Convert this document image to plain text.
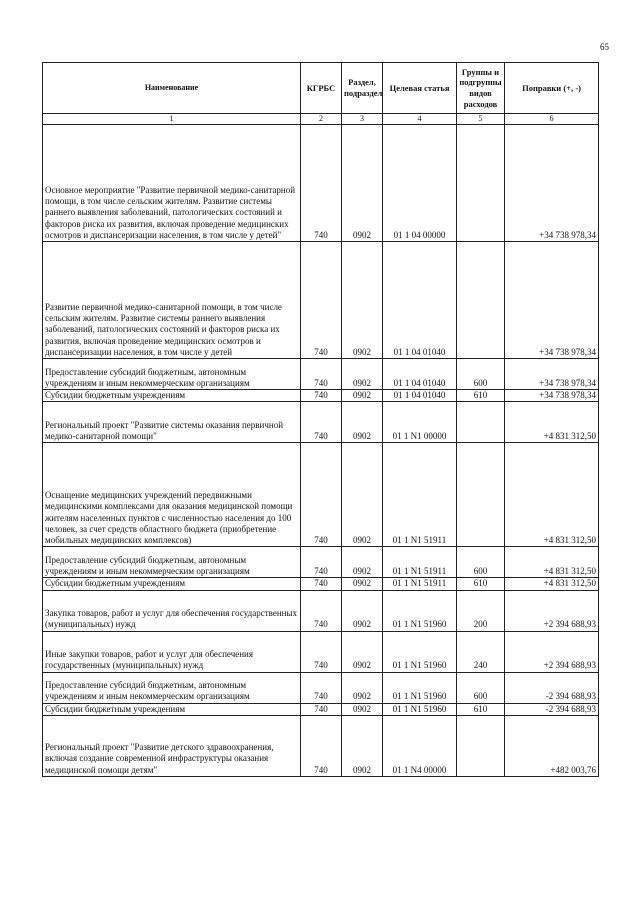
65
Наименование	КГРБС	Раздел, подраздел	Целевая статья	Группы и подгруппы видов расходов	Поправки (+, -)
1	2	3	4	5	6
Основное мероприятие "Развитие первичной медико-санитарной помощи, в том числе сельским жителям. Развитие системы раннего выявления заболеваний, патологических состояний и факторов риска их развития, включая проведение медицинских осмотров и диспансеризации населения, в том числе у детей"	740	0902	01 1 04 00000		+34 738 978,34
Развитие первичной медико-санитарной помощи, в том числе сельским жителям. Развитие системы раннего выявления заболеваний, патологических состояний и факторов риска их развития, включая проведение медицинских осмотров и диспансеризации населения, в том числе у детей	740	0902	01 1 04 01040		+34 738 978,34
Предоставление субсидий бюджетным, автономным учреждениям и иным некоммерческим организациям	740	0902	01 1 04 01040	600	+34 738 978,34
Субсидии бюджетным учреждениям	740	0902	01 1 04 01040	610	+34 738 978,34
Региональный проект "Развитие системы оказания первичной медико-санитарной помощи"	740	0902	01 1 N1 00000		+4 831 312,50
Оснащение медицинских учреждений передвижными медицинскими комплексами для оказания медицинской помощи жителям населенных пунктов с численностью населения до 100 человек, за счет средств областного бюджета (приобретение мобильных медицинских комплексов)	740	0902	01 1 N1 51911		+4 831 312,50
Предоставление субсидий бюджетным, автономным учреждениям и иным некоммерческим организациям	740	0902	01 1 N1 51911	600	+4 831 312,50
Субсидии бюджетным учреждениям	740	0902	01 1 N1 51911	610	+4 831 312,50
Закупка товаров, работ и услуг для обеспечения государственных (муниципальных) нужд	740	0902	01 1 N1 51960	200	+2 394 688,93
Иные закупки товаров, работ и услуг для обеспечения государственных (муниципальных) нужд	740	0902	01 1 N1 51960	240	+2 394 688,93
Предоставление субсидий бюджетным, автономным учреждениям и иным некоммерческим организациям	740	0902	01 1 N1 51960	600	-2 394 688,93
Субсидии бюджетным учреждениям	740	0902	01 1 N1 51960	610	-2 394 688,93
Региональный проект "Развитие детского здравоохранения, включая создание современной инфраструктуры оказания медицинской помощи детям"	740	0902	01 1 N4 00000		+482 003,76
